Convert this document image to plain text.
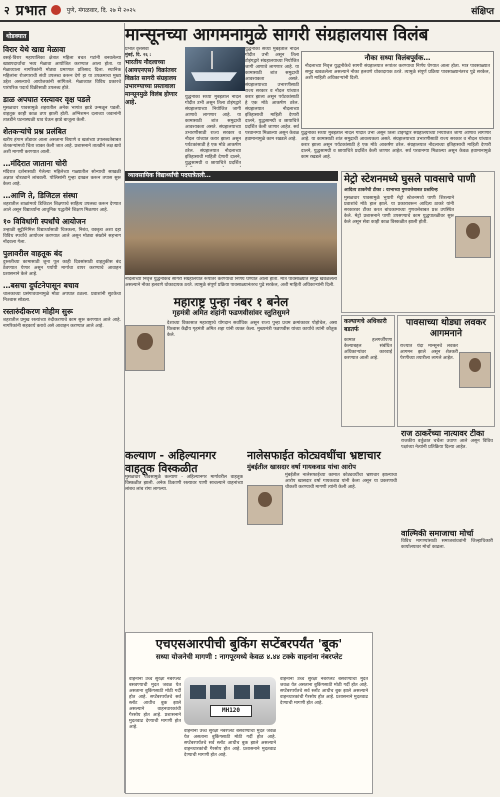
२ प्रभात	पुणे, मंगळवार, दि. २७ मे २०२५	संक्षिप्त
थोडक्यात
विरार येथे खाद्य मेळावा

वसई-विरार महापालिका क्षेत्रात महिला बचत गटांनी बनवलेल्या खाद्यपदार्थांचा भव्य मेळावा आयोजित करण्यात आला होता. या मेळाव्याला नागरिकांनी मोठ्या प्रमाणात प्रतिसाद दिला. स्थानिक महिलांना रोजगाराची संधी उपलब्ध करून देणे हा या उपक्रमाचा मुख्य उद्देश असल्याचे आयोजकांनी सांगितले. मेळाव्यात विविध प्रकारचे पारंपरिक पदार्थ विक्रीसाठी उपलब्ध होते.

डाळ अपघात रस्त्यावर वृक्ष पडले

मुसळधार पावसामुळे शहरातील अनेक भागांत झाडे उन्मळून पडली. वाहतूक काही काळ ठप्प झाली होती. अग्निशमन दलाच्या जवानांनी तातडीने घटनास्थळी धाव घेऊन झाडे बाजूला केली.

शेतकऱ्यांचे प्रश्न प्रलंबित

खरीप हंगाम तोंडावर आला असताना बियाणे व खतांच्या उपलब्धतेबाबत शेतकऱ्यांमध्ये चिंता व्यक्त केली जात आहे. प्रशासनाने तातडीने लक्ष द्यावे अशी मागणी करण्यात आली.

…मंदिरात जाताना चोरी

मंदिरात दर्शनासाठी गेलेल्या महिलेच्या गळ्यातील सोन्याची साखळी अज्ञात चोरट्याने लांबवली. पोलिसांनी गुन्हा दाखल करून तपास सुरू केला आहे.

…आणि ते, डिजिटल संस्था

शहरातील शाळांमध्ये डिजिटल शिक्षणाचे साहित्य उपलब्ध करून देण्यात आले असून विद्यार्थ्यांना आधुनिक पद्धतीने शिक्षण मिळणार आहे.

१० विविधांगी स्पर्धांचे आयोजन

उन्हाळी सुट्टीनिमित्त विद्यार्थ्यांसाठी चित्रकला, निबंध, वक्तृत्व अशा दहा विविध स्पर्धांचे आयोजन करण्यात आले असून मोठ्या संख्येने सहभाग नोंदवला गेला.

पुलावरील वाहतूक बंद

दुरुस्तीच्या कामासाठी जुना पूल काही दिवसांसाठी वाहतुकीस बंद ठेवण्यात येणार असून पर्यायी मार्गाचा वापर करण्याचे आवाहन प्रशासनाने केले आहे.

…बसचा दुर्घटनेपासून बचाव

चालकाच्या प्रसंगावधानामुळे मोठा अपघात टळला. प्रवाशांनी सुटकेचा निःश्वास सोडला.

रस्तारुंदीकरण मोहीम सुरू

शहरातील प्रमुख रस्त्यांच्या रुंदीकरणाचे काम सुरू करण्यात आले आहे. नागरिकांनी सहकार्य करावे असे आवाहन करण्यात आले आहे.

मान्सूनच्या आगमनामुळे सागरी संग्रहालयास विलंब
प्रभात वृत्तसेवा
मुंबई, दि. २६ :
भारतीय नौदलाच्या (आयएनएस) विक्रांतवर विक्रांत सागरी संग्रहालय उभारण्याच्या प्रस्तावाला मान्सूनमुळे विलंब होणार आहे.
युद्धनौका सध्या मुंबईतील नौदल गोदीत उभी असून तिला टोइंगद्वारे संग्रहालयाच्या नियोजित जागी आणावे लागणार आहे. या कामासाठी शांत समुद्राची आवश्यकता असते. संग्रहालयाच्या उभारणीसाठी राज्य सरकार व नौदल यांच्यात करार झाला असून पर्यटकांसाठी हे एक मोठे आकर्षण ठरेल. संग्रहालयात नौदलाच्या इतिहासाची माहिती देणारी दालने, युद्धसामग्री व छायाचित्रे प्रदर्शित
युद्धनौका सध्या मुंबईतील नौदल गोदीत उभी असून तिला टोइंगद्वारे संग्रहालयाच्या नियोजित जागी आणावे लागणार आहे. या कामासाठी शांत समुद्राची आवश्यकता असते. संग्रहालयाच्या उभारणीसाठी राज्य सरकार व नौदल यांच्यात करार झाला असून पर्यटकांसाठी हे एक मोठे आकर्षण ठरेल. संग्रहालयात नौदलाच्या इतिहासाची माहिती देणारी दालने, युद्धसामग्री व छायाचित्रे प्रदर्शित केली जाणार आहेत. सर्व परवानग्या मिळाल्या असून केवळ हवामानामुळे काम रखडले आहे.
नौका सध्या विलंबपूर्वक…
नौदलाच्या निवृत्त युद्धनौकेचे सागरी संग्रहालयात रूपांतर करण्याचा निर्णय घेण्यात आला होता. मात्र पावसाळ्यात समुद्र खवळलेला असल्याने नौका हलवणे धोकादायक ठरते. त्यामुळे संपूर्ण प्रक्रिया पावसाळ्यानंतरच पुढे सरकेल, अशी माहिती अधिकाऱ्यांनी दिली.
युद्धनौका सध्या मुंबईतील नौदल गोदीत उभी असून तिला टोइंगद्वारे संग्रहालयाच्या नियोजित जागी आणावे लागणार आहे. या कामासाठी शांत समुद्राची आवश्यकता असते. संग्रहालयाच्या उभारणीसाठी राज्य सरकार व नौदल यांच्यात करार झाला असून पर्यटकांसाठी हे एक मोठे आकर्षण ठरेल. संग्रहालयात नौदलाच्या इतिहासाची माहिती देणारी दालने, युद्धसामग्री व छायाचित्रे प्रदर्शित केली जाणार आहेत. सर्व परवानग्या मिळाल्या असून केवळ हवामानामुळे काम रखडले आहे.
व्यावसायिक विद्यार्थ्यांची पदयात्रेतली…
नौदलाच्या निवृत्त युद्धनौकेचे सागरी संग्रहालयात रूपांतर करण्याचा निर्णय घेण्यात आला होता. मात्र पावसाळ्यात समुद्र खवळलेला असल्याने नौका हलवणे धोकादायक ठरते. त्यामुळे संपूर्ण प्रक्रिया पावसाळ्यानंतरच पुढे सरकेल, अशी माहिती अधिकाऱ्यांनी दिली.
मेट्रो स्टेशनमध्ये घुसले पावसाचे पाणी
आदित्य ठाकरेंची टीका : वाभाच्या गुणवत्तेबाबत प्रश्नचिन्ह
मुसळधार पावसामुळे भुयारी मेट्रो स्टेशनमध्ये पाणी शिरल्याने प्रवाशांचे मोठे हाल झाले. या प्रकारावरून आदित्य ठाकरे यांनी सरकारवर टीका करत बांधकामाच्या गुणवत्तेबाबत प्रश्न उपस्थित केले. मेट्रो प्रशासनाने पाणी उपसण्याचे काम युद्धपातळीवर सुरू केले असून सेवा काही काळ विस्कळीत झाली होती.
महाराष्ट्र पुन्हा नंबर १ बनेल
गृहमंत्री अमित शहांनी फडणवीसांवर स्तुतिसुमने
देशाच्या विकासात महाराष्ट्राचे योगदान सर्वाधिक असून राज्य पुन्हा प्रथम क्रमांकावर पोहोचेल, असा विश्वास केंद्रीय गृहमंत्री अमित शहा यांनी व्यक्त केला. मुख्यमंत्री फडणवीस यांच्या कार्याचे त्यांनी कौतुक केले.
पावसाच्या थोड्या लवकर आगमनाने
राज्यात यंदा मान्सूनचे लवकर आगमन झाले असून शेतकरी पेरणीच्या तयारीला लागले आहेत.
कल्याणचे अधिकारी बडतर्फ
कामात हलगर्जीपणा केल्याबद्दल संबंधित अधिकाऱ्यांवर कारवाई करण्यात आली आहे.
कल्याण - अहिल्यानगर वाहतूक विस्कळीत
मुसळधार पावसामुळे कल्याण - अहिल्यानगर मार्गावरील वाहतूक विस्कळीत झाली. अनेक ठिकाणी रस्त्यावर पाणी साचल्याने वाहनांच्या लांबच लांब रांगा लागल्या.
नालेसफाईत कोट्यवधींचा भ्रष्टाचार
मुंबईतील खासदार वर्षा गायकवाड यांचा आरोप
मुंबईतील नालेसफाईच्या कामात कोट्यवधींचा भ्रष्टाचार झाल्याचा आरोप खासदार वर्षा गायकवाड यांनी केला असून या प्रकरणाची चौकशी करण्याची मागणी त्यांनी केली आहे.
राज ठाकरेंच्या नात्यावर टीका
राजकीय वर्तुळात चर्चेला उधाण आले असून विविध पक्षांच्या नेत्यांनी प्रतिक्रिया दिल्या आहेत.
वाल्मिकी समाजाचा मोर्चा
विविध मागण्यांसाठी समाजबांधवांनी जिल्हाधिकारी कार्यालयावर मोर्चा काढला.
एचएसआरपीची बुकिंग सप्टेंबरपर्यंत 'बूक'
सध्या योजनेची मागणी : नागपूरमध्ये केवळ ४.४४ टक्के वाहनांना नंबरप्लेट
वाहनांना उच्च सुरक्षा नंबरप्लेट बसवण्याची मुदत जवळ येत असताना बुकिंगसाठी मोठी गर्दी होत आहे. सप्टेंबरपर्यंतचे सर्व स्लॉट आधीच बुक झाले असल्याने वाहनधारकांची गैरसोय होत आहे. प्रशासनाने मुदतवाढ देण्याची मागणी होत आहे.
MH120
वाहनांना उच्च सुरक्षा नंबरप्लेट बसवण्याची मुदत जवळ येत असताना बुकिंगसाठी मोठी गर्दी होत आहे. सप्टेंबरपर्यंतचे सर्व स्लॉट आधीच बुक झाले असल्याने वाहनधारकांची गैरसोय होत आहे. प्रशासनाने मुदतवाढ देण्याची मागणी होत आहे.
वाहनांना उच्च सुरक्षा नंबरप्लेट बसवण्याची मुदत जवळ येत असताना बुकिंगसाठी मोठी गर्दी होत आहे. सप्टेंबरपर्यंतचे सर्व स्लॉट आधीच बुक झाले असल्याने वाहनधारकांची गैरसोय होत आहे. प्रशासनाने मुदतवाढ देण्याची मागणी होत आहे.
